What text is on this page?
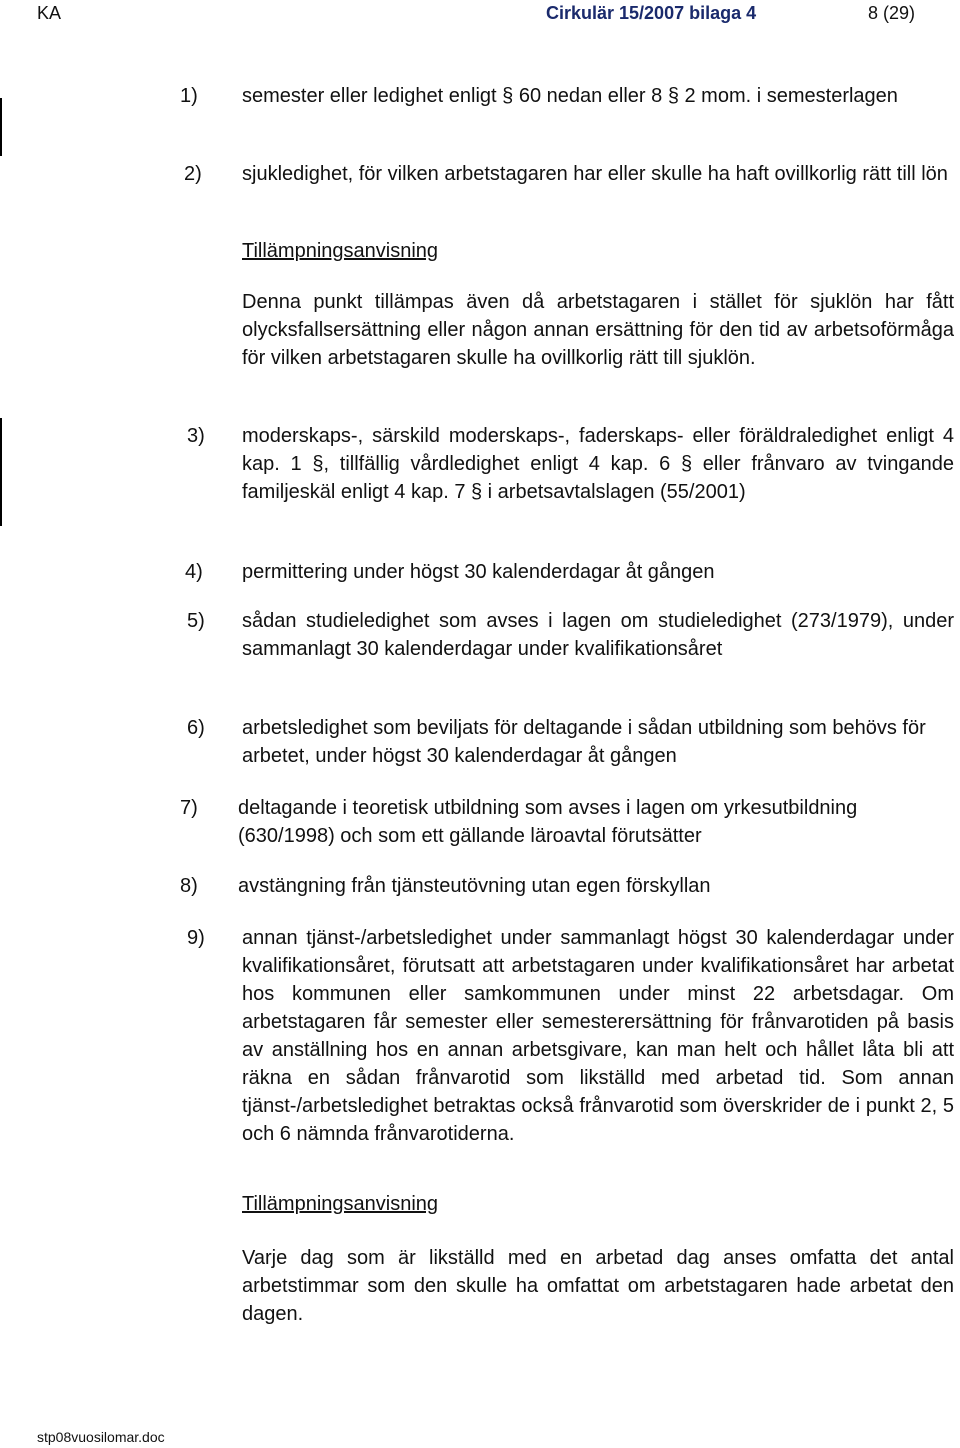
KA	Cirkulär 15/2007 bilaga 4	8 (29)
1) semester eller ledighet enligt § 60 nedan eller 8 § 2 mom. i semesterlagen
2) sjukledighet, för vilken arbetstagaren har eller skulle ha haft ovillkorlig rätt till lön
Tillämpningsanvisning
Denna punkt tillämpas även då arbetstagaren i stället för sjuklön har fått olycksfallsersättning eller någon annan ersättning för den tid av arbetsoförmåga för vilken arbetstagaren skulle ha ovillkorlig rätt till sjuklön.
3) moderskaps-, särskild moderskaps-, faderskaps- eller föräldraledighet enligt 4 kap. 1 §, tillfällig vårdledighet enligt 4 kap. 6 § eller frånvaro av tvingande familjeskäl enligt 4 kap. 7 § i arbetsavtalslagen (55/2001)
4) permittering under högst 30 kalenderdagar åt gången
5) sådan studieledighet som avses i lagen om studieledighet (273/1979), under sammanlagt 30 kalenderdagar under kvalifikationsåret
6) arbetsledighet som beviljats för deltagande i sådan utbildning som behövs för arbetet, under högst 30 kalenderdagar åt gången
7) deltagande i teoretisk utbildning som avses i lagen om yrkesutbildning (630/1998) och som ett gällande läroavtal förutsätter
8) avstängning från tjänsteutövning utan egen förskyllan
9) annan tjänst-/arbetsledighet under sammanlagt högst 30 kalenderdagar under kvalifikationsåret, förutsatt att arbetstagaren under kvalifikationsåret har arbetat hos kommunen eller samkommunen under minst 22 arbetsdagar. Om arbetstagaren får semester eller semesterersättning för frånvarotiden på basis av anställning hos en annan arbetsgivare, kan man helt och hållet låta bli att räkna en sådan frånvarotid som likställd med arbetad tid. Som annan tjänst-/arbetsledighet betraktas också frånvarotid som överskrider de i punkt 2, 5 och 6 nämnda frånvarotiderna.
Tillämpningsanvisning
Varje dag som är likställd med en arbetad dag anses omfatta det antal arbetstimmar som den skulle ha omfattat om arbetstagaren hade arbetat den dagen.
stp08vuosilomar.doc
